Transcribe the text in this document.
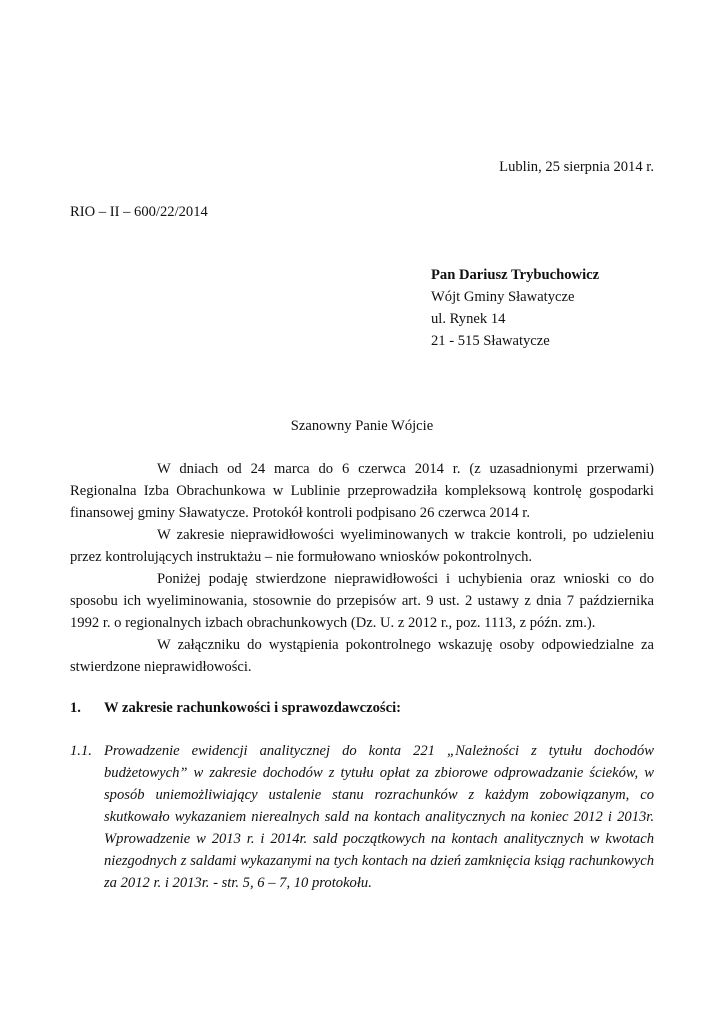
Lublin, 25 sierpnia 2014 r.
RIO – II – 600/22/2014
Pan Dariusz Trybuchowicz
Wójt Gminy Sławatycze
ul. Rynek 14
21 - 515 Sławatycze
Szanowny Panie Wójcie

W dniach od 24 marca do 6 czerwca 2014 r. (z uzasadnionymi przerwami) Regionalna Izba Obrachunkowa w Lublinie przeprowadziła kompleksową kontrolę gospodarki finansowej gminy Sławatycze. Protokół kontroli podpisano 26 czerwca 2014 r.

W zakresie nieprawidłowości wyeliminowanych w trakcie kontroli, po udzieleniu przez kontrolujących instruktażu – nie formułowano wniosków pokontrolnych.

Poniżej podaję stwierdzone nieprawidłowości i uchybienia oraz wnioski co do sposobu ich wyeliminowania, stosownie do przepisów art. 9 ust. 2 ustawy z dnia 7 października 1992 r. o regionalnych izbach obrachunkowych (Dz. U. z 2012 r., poz. 1113, z późn. zm.).

W załączniku do wystąpienia pokontrolnego wskazuję osoby odpowiedzialne za stwierdzone nieprawidłowości.

1. W zakresie rachunkowości i sprawozdawczości:
1.1. Prowadzenie ewidencji analitycznej do konta 221 „Należności z tytułu dochodów budżetowych” w zakresie dochodów z tytułu opłat za zbiorowe odprowadzanie ścieków, w sposób uniemożliwiający ustalenie stanu rozrachunków z każdym zobowiązanym, co skutkowało wykazaniem nierealnych sald na kontach analitycznych na koniec 2012 i 2013r. Wprowadzenie w 2013 r. i 2014r. sald początkowych na kontach analitycznych w kwotach niezgodnych z saldami wykazanymi na tych kontach na dzień zamknięcia ksiąg rachunkowych za 2012 r. i 2013r. - str. 5, 6 – 7, 10 protokołu.
